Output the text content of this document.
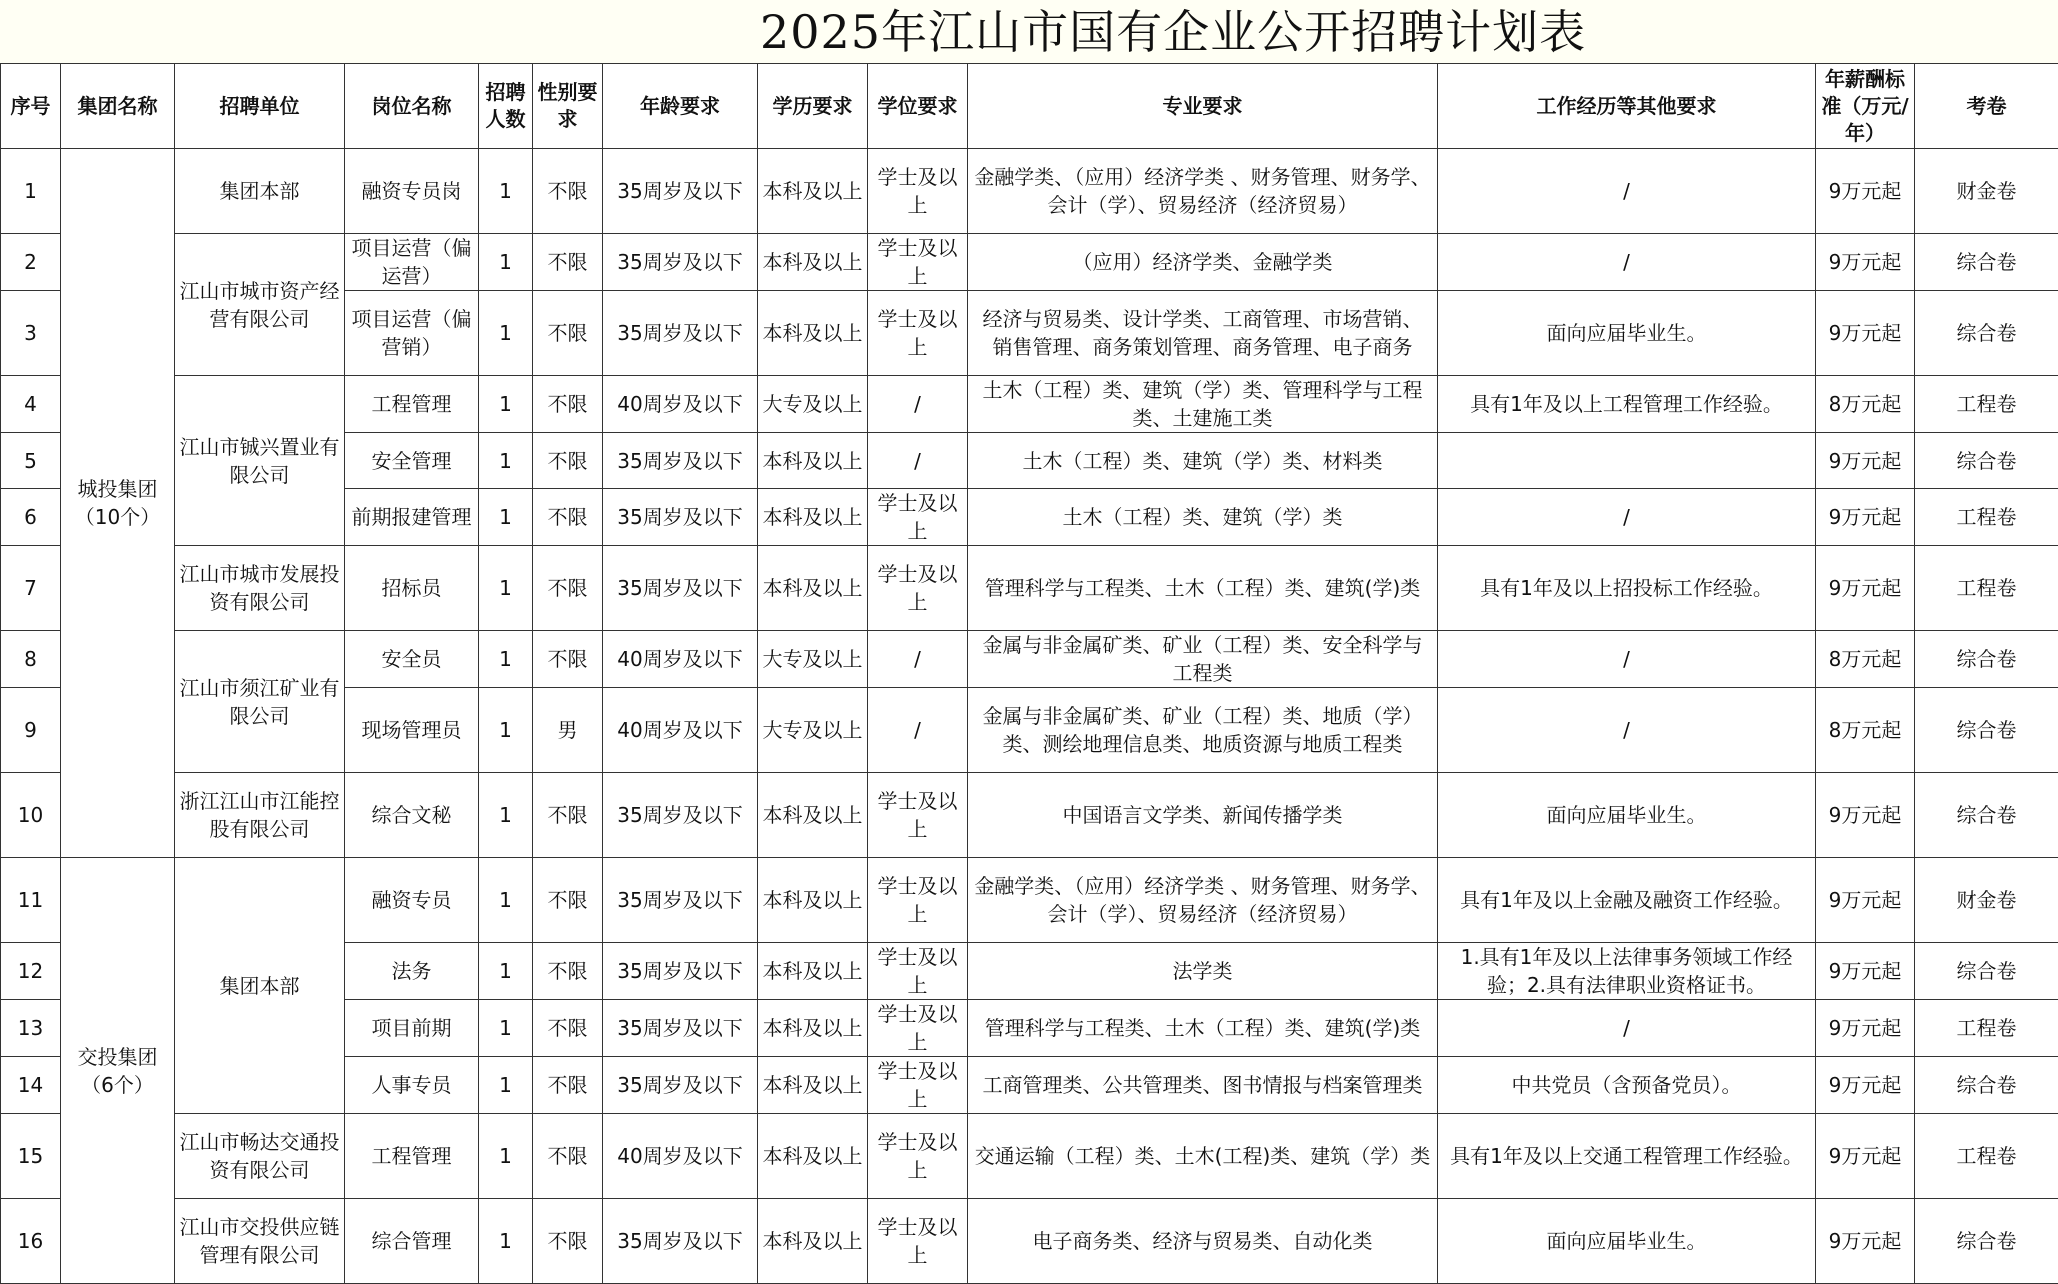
2025年江山市国有企业公开招聘计划表
序号	集团名称	招聘单位	岗位名称	招聘人数	性别要求	年龄要求	学历要求	学位要求	专业要求	工作经历等其他要求	年薪酬标准（万元/年）	考卷
1	城投集团（10个）	集团本部	融资专员岗	1	不限	35周岁及以下	本科及以上	学士及以上	金融学类、（应用）经济学类 、财务管理、财务学、会计（学）、贸易经济（经济贸易）	/	9万元起	财金卷
2		江山市城市资产经营有限公司	项目运营（偏运营）	1	不限	35周岁及以下	本科及以上	学士及以上	（应用）经济学类、金融学类	/	9万元起	综合卷
3			项目运营（偏营销）	1	不限	35周岁及以下	本科及以上	学士及以上	经济与贸易类、设计学类、工商管理、市场营销、销售管理、商务策划管理、商务管理、电子商务	面向应届毕业生。	9万元起	综合卷
4		江山市铖兴置业有限公司	工程管理	1	不限	40周岁及以下	大专及以上	/	土木（工程）类、建筑（学）类、管理科学与工程类、土建施工类	具有1年及以上工程管理工作经验。	8万元起	工程卷
5			安全管理	1	不限	35周岁及以下	本科及以上	/	土木（工程）类、建筑（学）类、材料类		9万元起	综合卷
6			前期报建管理	1	不限	35周岁及以下	本科及以上	学士及以上	土木（工程）类、建筑（学）类	/	9万元起	工程卷
7		江山市城市发展投资有限公司	招标员	1	不限	35周岁及以下	本科及以上	学士及以上	管理科学与工程类、土木（工程）类、建筑(学)类	具有1年及以上招投标工作经验。	9万元起	工程卷
8		江山市须江矿业有限公司	安全员	1	不限	40周岁及以下	大专及以上	/	金属与非金属矿类、矿业（工程）类、安全科学与工程类	/	8万元起	综合卷
9			现场管理员	1	男	40周岁及以下	大专及以上	/	金属与非金属矿类、矿业（工程）类、地质（学）类、测绘地理信息类、地质资源与地质工程类	/	8万元起	综合卷
10		浙江江山市江能控股有限公司	综合文秘	1	不限	35周岁及以下	本科及以上	学士及以上	中国语言文学类、新闻传播学类	面向应届毕业生。	9万元起	综合卷
11	交投集团（6个）	集团本部	融资专员	1	不限	35周岁及以下	本科及以上	学士及以上	金融学类、（应用）经济学类 、财务管理、财务学、会计（学）、贸易经济（经济贸易）	具有1年及以上金融及融资工作经验。	9万元起	财金卷
12			法务	1	不限	35周岁及以下	本科及以上	学士及以上	法学类	1.具有1年及以上法律事务领域工作经验；2.具有法律职业资格证书。	9万元起	综合卷
13			项目前期	1	不限	35周岁及以下	本科及以上	学士及以上	管理科学与工程类、土木（工程）类、建筑(学)类	/	9万元起	工程卷
14			人事专员	1	不限	35周岁及以下	本科及以上	学士及以上	工商管理类、公共管理类、图书情报与档案管理类	中共党员（含预备党员）。	9万元起	综合卷
15		江山市畅达交通投资有限公司	工程管理	1	不限	40周岁及以下	本科及以上	学士及以上	交通运输（工程）类、土木(工程)类、建筑（学）类	具有1年及以上交通工程管理工作经验。	9万元起	工程卷
16		江山市交投供应链管理有限公司	综合管理	1	不限	35周岁及以下	本科及以上	学士及以上	电子商务类、经济与贸易类、自动化类	面向应届毕业生。	9万元起	综合卷
